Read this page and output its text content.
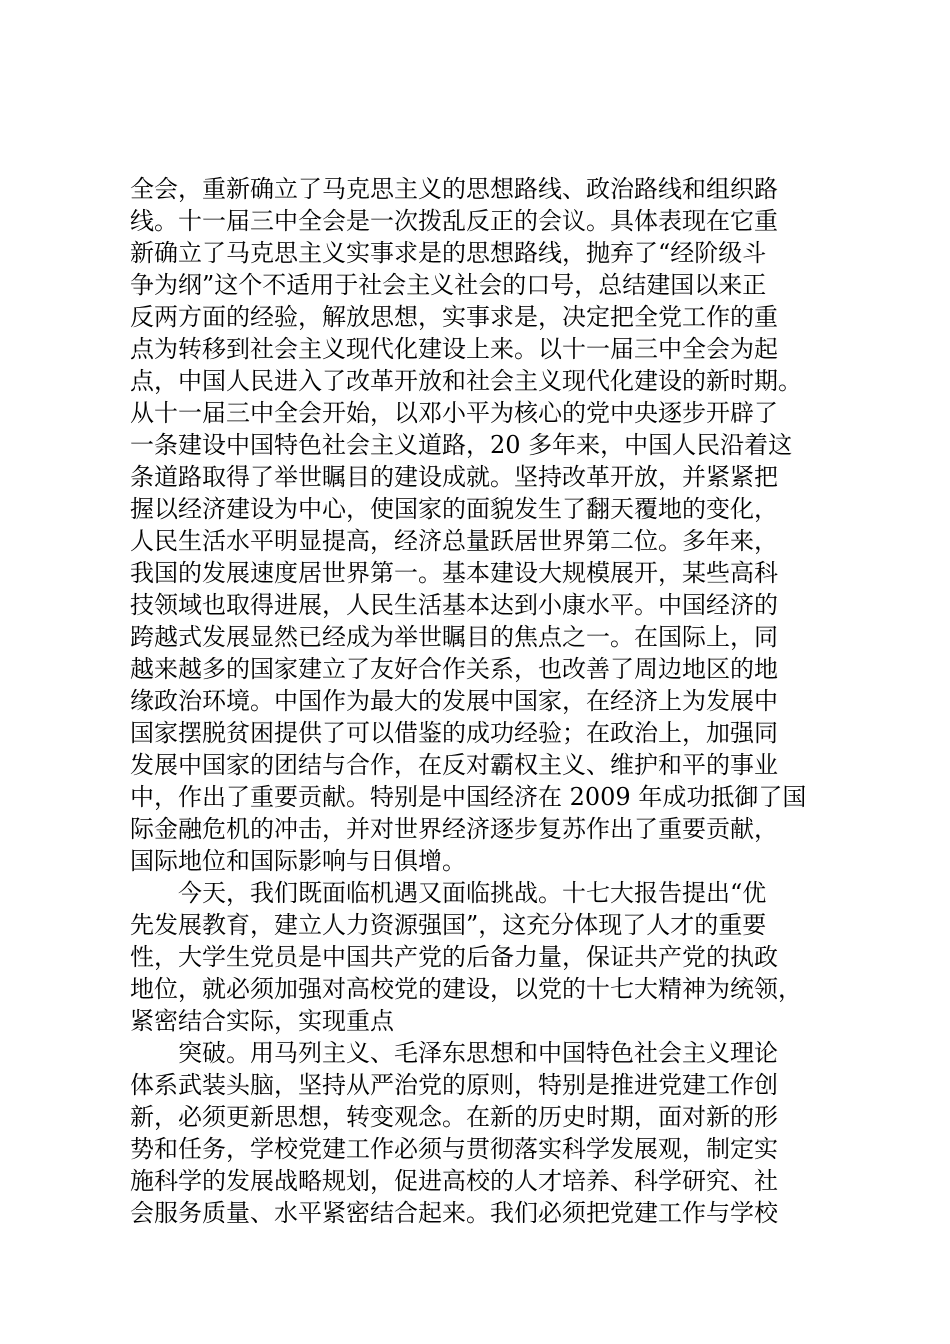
全会，重新确立了马克思主义的思想路线、政治路线和组织路
线。十一届三中全会是一次拨乱反正的会议。具体表现在它重
新确立了马克思主义实事求是的思想路线，抛弃了“经阶级斗
争为纲”这个不适用于社会主义社会的口号，总结建国以来正
反两方面的经验，解放思想，实事求是，决定把全党工作的重
点为转移到社会主义现代化建设上来。以十一届三中全会为起
点，中国人民进入了改革开放和社会主义现代化建设的新时期。
从十一届三中全会开始，以邓小平为核心的党中央逐步开辟了
一条建设中国特色社会主义道路，20 多年来，中国人民沿着这
条道路取得了举世瞩目的建设成就。坚持改革开放，并紧紧把
握以经济建设为中心，使国家的面貌发生了翻天覆地的变化，
人民生活水平明显提高，经济总量跃居世界第二位。多年来，
我国的发展速度居世界第一。基本建设大规模展开，某些高科
技领域也取得进展，人民生活基本达到小康水平。中国经济的
跨越式发展显然已经成为举世瞩目的焦点之一。在国际上，同
越来越多的国家建立了友好合作关系，也改善了周边地区的地
缘政治环境。中国作为最大的发展中国家，在经济上为发展中
国家摆脱贫困提供了可以借鉴的成功经验；在政治上，加强同
发展中国家的团结与合作，在反对霸权主义、维护和平的事业
中，作出了重要贡献。特别是中国经济在 2009 年成功抵御了国
际金融危机的冲击，并对世界经济逐步复苏作出了重要贡献，
国际地位和国际影响与日俱增。
今天，我们既面临机遇又面临挑战。十七大报告提出“优
先发展教育，建立人力资源强国”，这充分体现了人才的重要
性，大学生党员是中国共产党的后备力量，保证共产党的执政
地位，就必须加强对高校党的建设，以党的十七大精神为统领，
紧密结合实际，实现重点
突破。用马列主义、毛泽东思想和中国特色社会主义理论
体系武装头脑，坚持从严治党的原则，特别是推进党建工作创
新，必须更新思想，转变观念。在新的历史时期，面对新的形
势和任务，学校党建工作必须与贯彻落实科学发展观，制定实
施科学的发展战略规划，促进高校的人才培养、科学研究、社
会服务质量、水平紧密结合起来。我们必须把党建工作与学校
